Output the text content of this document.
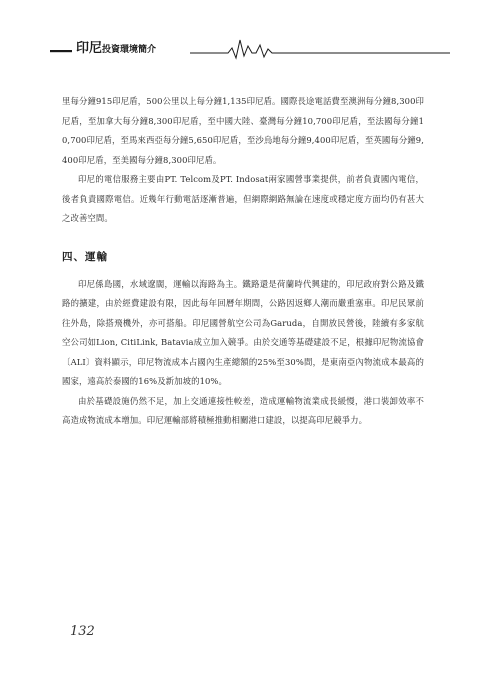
印尼投資環境簡介

里每分鐘915印尼盾，500公里以上每分鐘1,135印尼盾。國際長途電話費至澳洲每分鐘8,300印尼盾，至加拿大每分鐘8,300印尼盾，至中國大陸、臺灣每分鐘10,700印尼盾，至法國每分鐘10,700印尼盾，至馬來西亞每分鐘5,650印尼盾，至沙烏地每分鐘9,400印尼盾，至英國每分鐘9,400印尼盾，至美國每分鐘8,300印尼盾。

印尼的電信服務主要由PT. Telcom及PT. Indosat兩家國營事業提供，前者負責國內電信，後者負責國際電信。近幾年行動電話逐漸普遍，但網際網路無論在速度或穩定度方面均仍有甚大之改善空間。

四、運輸

印尼係島國，水域遼闊，運輸以海路為主。鐵路還是荷蘭時代興建的，印尼政府對公路及鐵路的擴建，由於經費建設有限，因此每年回曆年期間，公路因返鄉人潮而嚴重塞車。印尼民眾前往外島，除搭飛機外，亦可搭船。印尼國營航空公司為Garuda，自開放民營後，陸續有多家航空公司如Lion, CitiLink, Batavia成立加入競爭。由於交通等基礎建設不足，根據印尼物流協會〔ALI〕資料顯示，印尼物流成本占國內生產總額的25%至30%間，是東南亞內物流成本最高的國家，遠高於泰國的16%及新加坡的10%。

由於基礎設施仍然不足，加上交通連接性較差，造成運輸物流業成長緩慢，港口裝卸效率不高造成物流成本增加。印尼運輸部將積極推動相關港口建設，以提高印尼競爭力。

132
